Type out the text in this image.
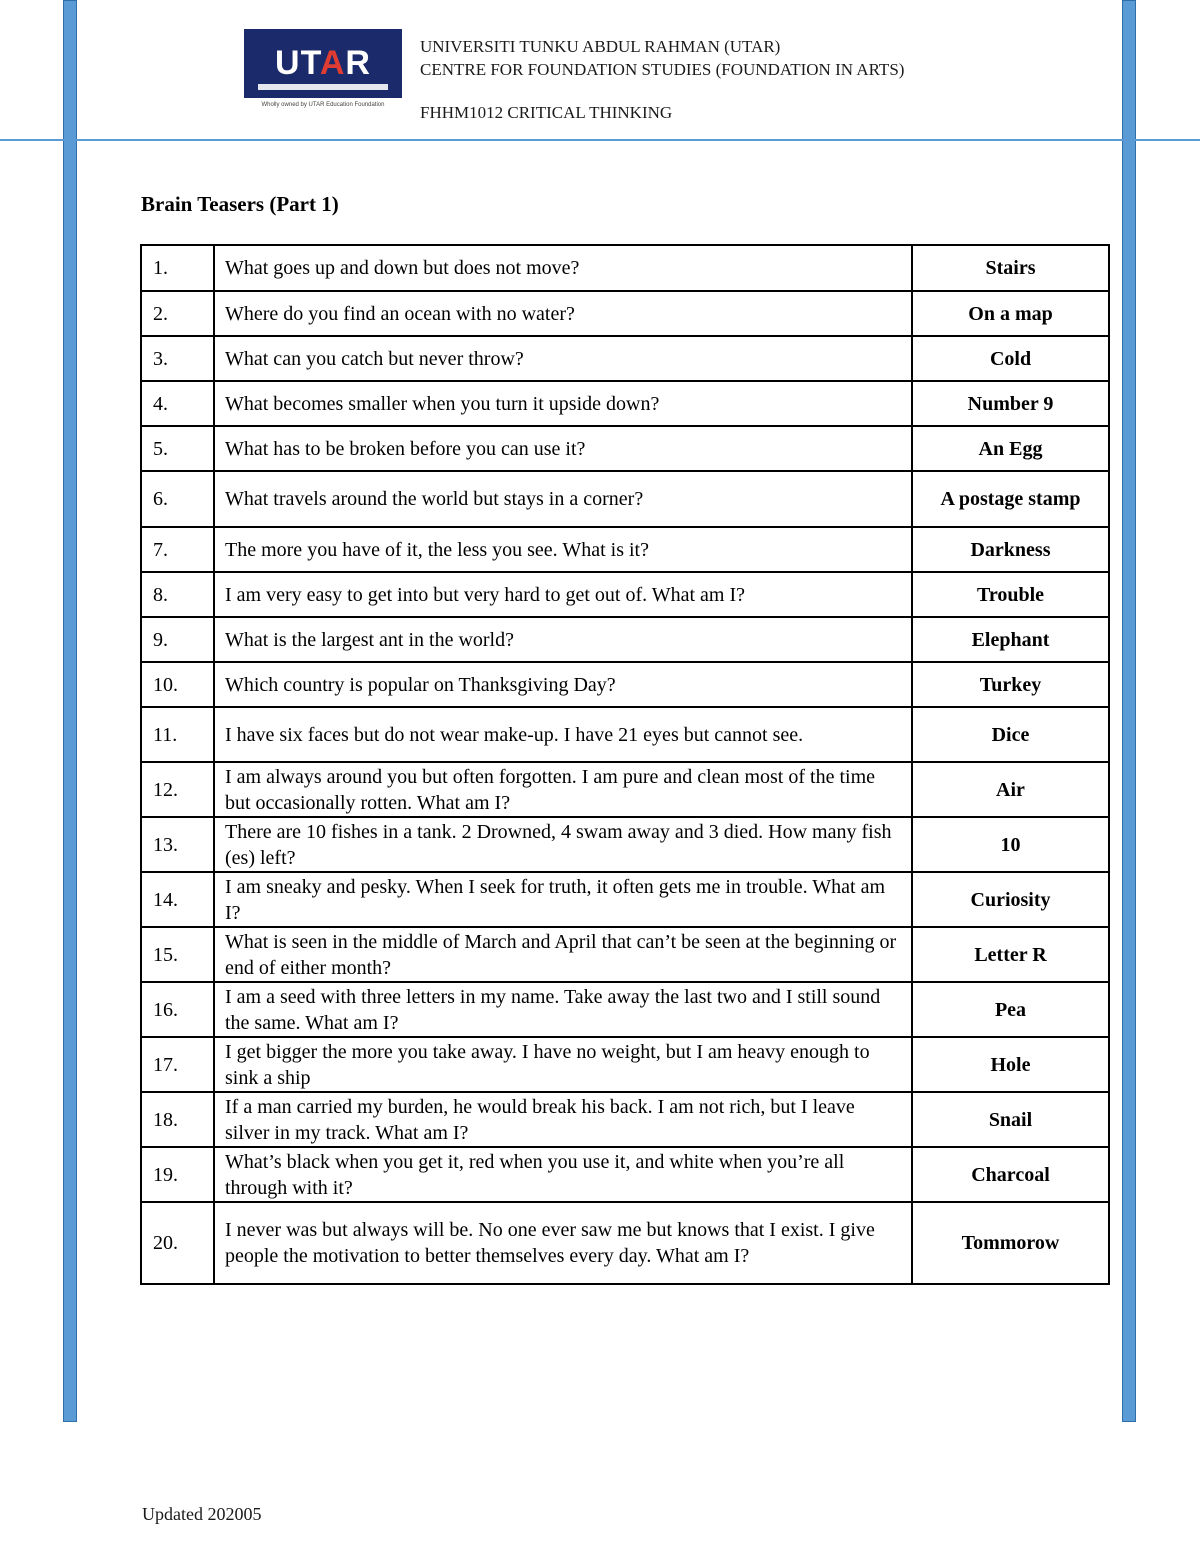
UTAR
Wholly owned by UTAR Education Foundation
UNIVERSITI TUNKU ABDUL RAHMAN (UTAR)
CENTRE FOR FOUNDATION STUDIES (FOUNDATION IN ARTS)
FHHM1012 CRITICAL THINKING
Brain Teasers (Part 1)
1.	What goes up and down but does not move?	Stairs
2.	Where do you find an ocean with no water?	On a map
3.	What can you catch but never throw?	Cold
4.	What becomes smaller when you turn it upside down?	Number 9
5.	What has to be broken before you can use it?	An Egg
6.	What travels around the world but stays in a corner?	A postage stamp
7.	The more you have of it, the less you see. What is it?	Darkness
8.	I am very easy to get into but very hard to get out of. What am I?	Trouble
9.	What is the largest ant in the world?	Elephant
10.	Which country is popular on Thanksgiving Day?	Turkey
11.	I have six faces but do not wear make-up. I have 21 eyes but cannot see.	Dice
12.	I am always around you but often forgotten. I am pure and clean most of the time but occasionally rotten. What am I?	Air
13.	There are 10 fishes in a tank. 2 Drowned, 4 swam away and 3 died. How many fish (es) left?	10
14.	I am sneaky and pesky. When I seek for truth, it often gets me in trouble. What am I?	Curiosity
15.	What is seen in the middle of March and April that can’t be seen at the beginning or end of either month?	Letter R
16.	I am a seed with three letters in my name. Take away the last two and I still sound the same. What am I?	Pea
17.	I get bigger the more you take away. I have no weight, but I am heavy enough to sink a ship	Hole
18.	If a man carried my burden, he would break his back. I am not rich, but I leave silver in my track. What am I?	Snail
19.	What’s black when you get it, red when you use it, and white when you’re all through with it?	Charcoal
20.	I never was but always will be. No one ever saw me but knows that I exist. I give people the motivation to better themselves every day. What am I?	Tommorow
Updated 202005
